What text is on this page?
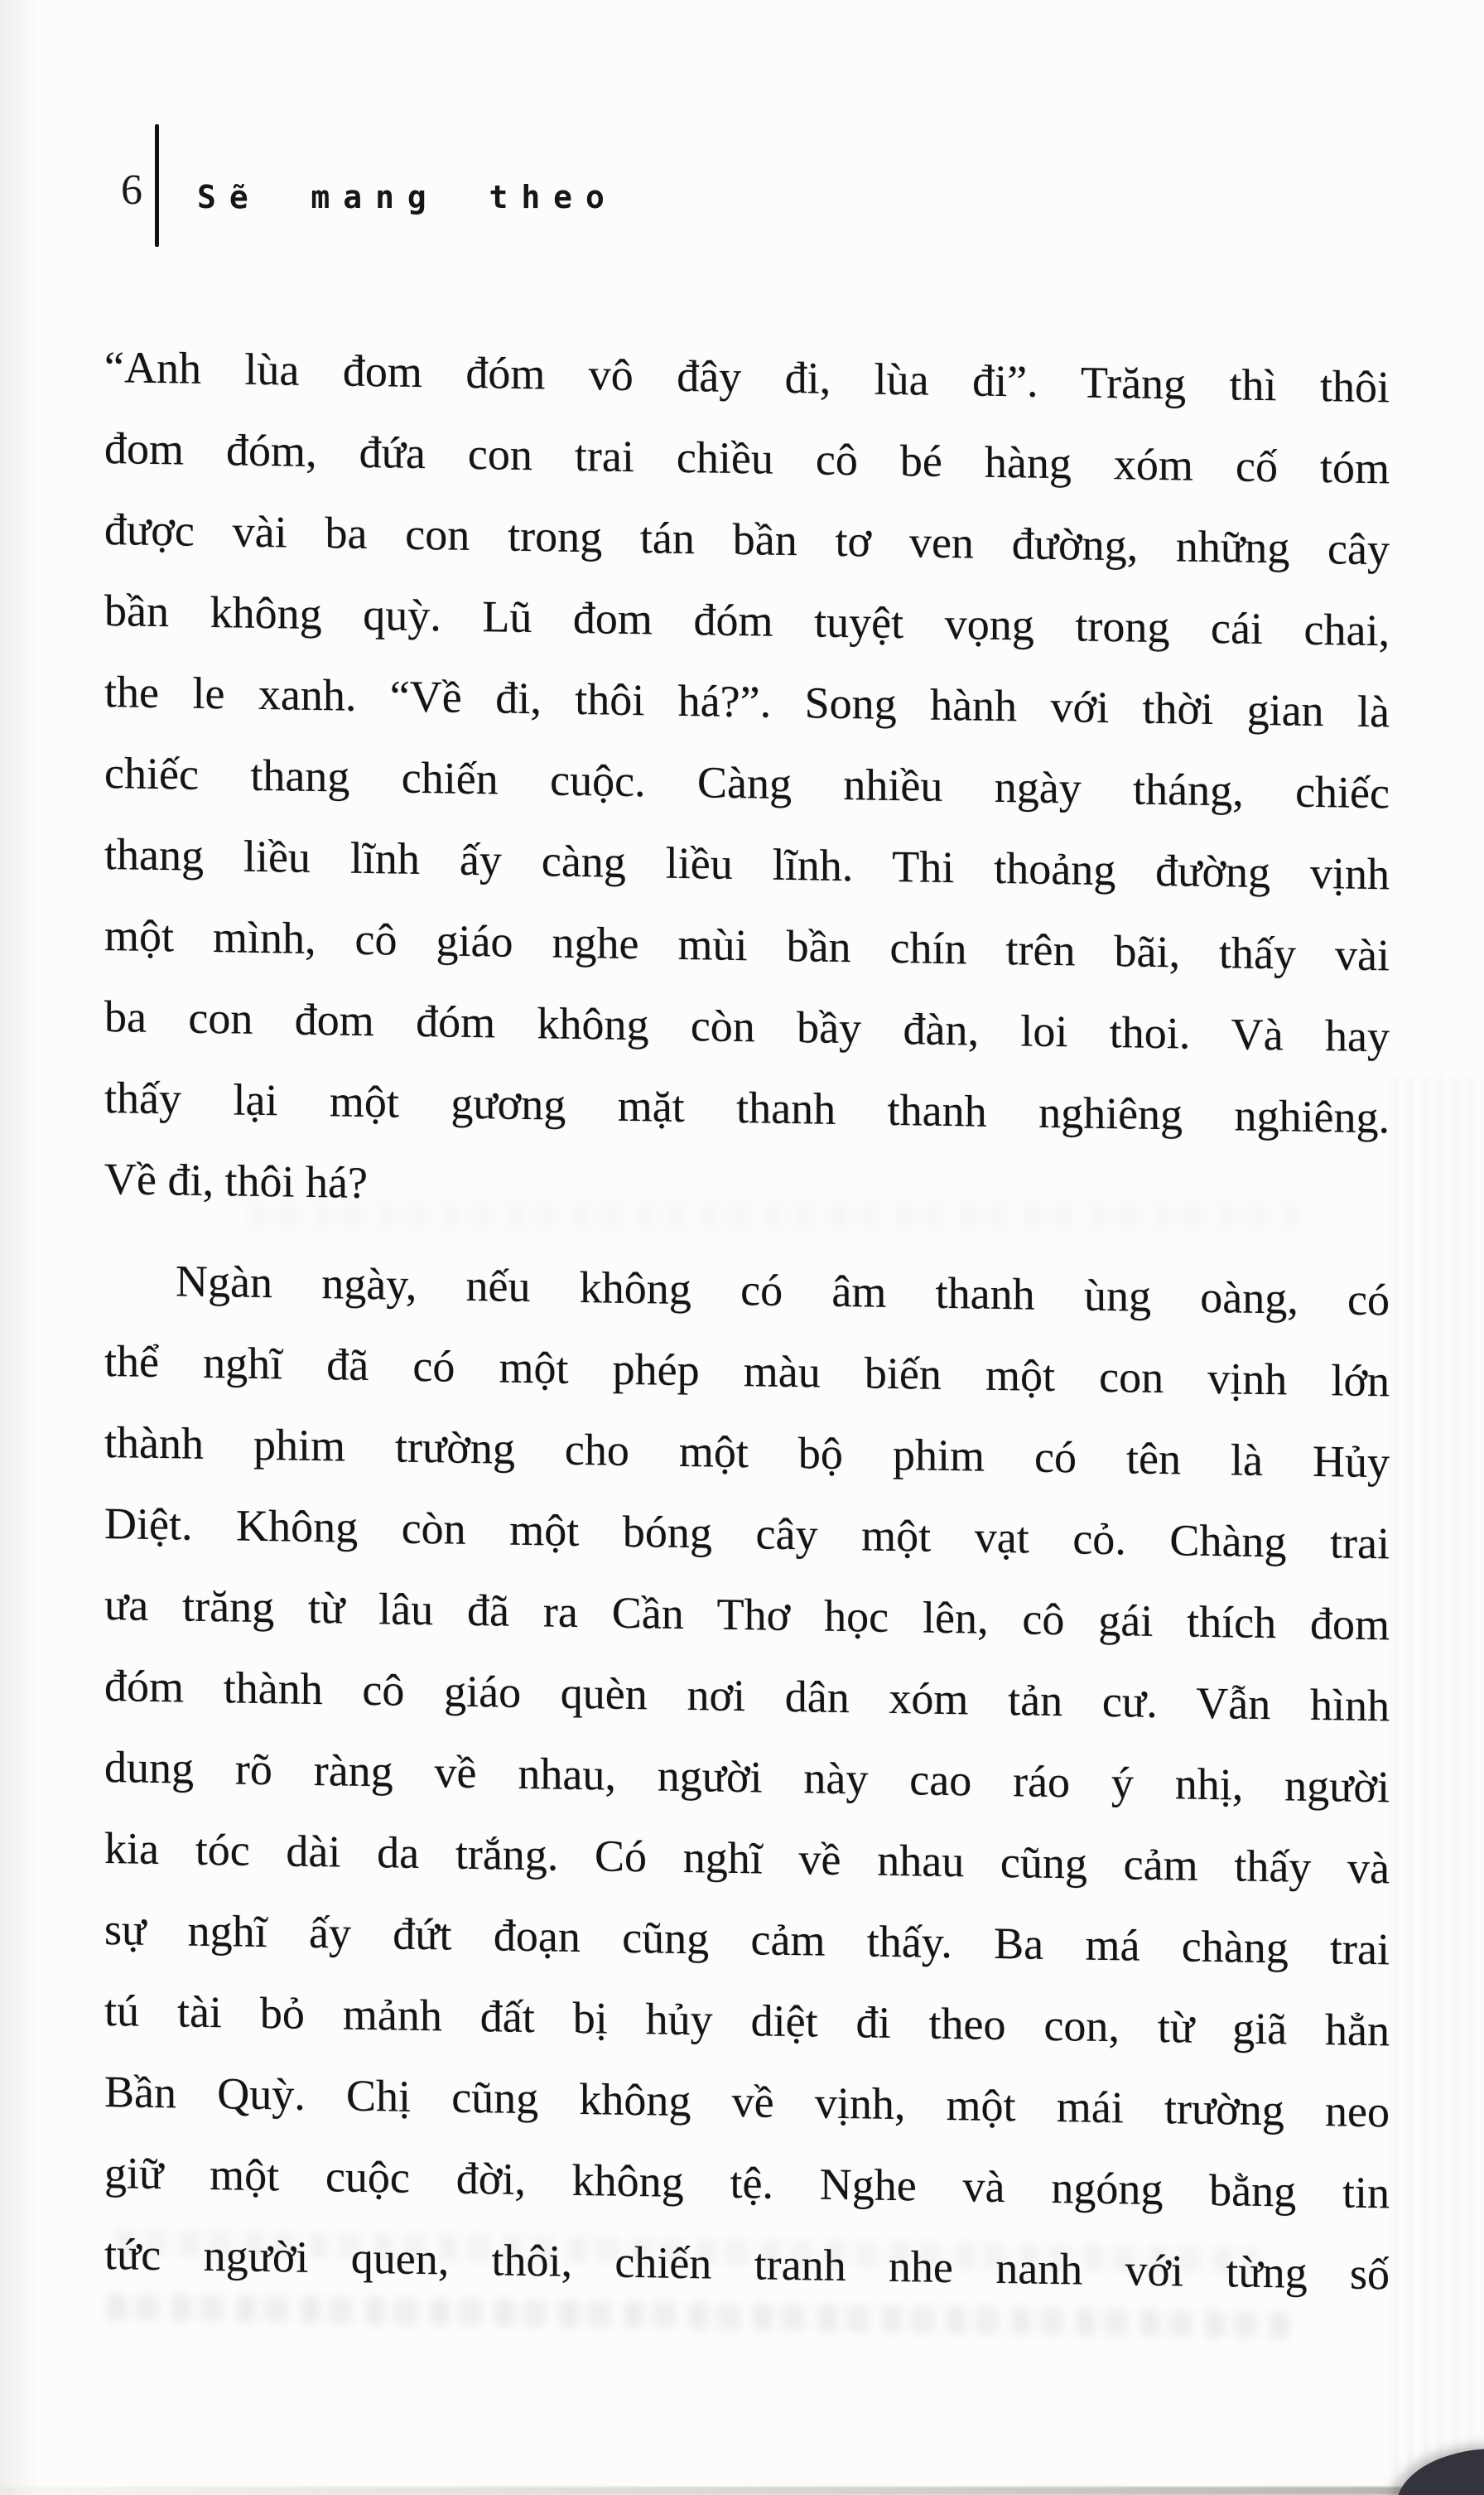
6 Sẽ mang theo
“Anh lùa đom đóm vô đây đi, lùa đi”. Trăng thì thôi
đom đóm, đứa con trai chiều cô bé hàng xóm cố tóm
được vài ba con trong tán bần tơ ven đường, những cây
bần không quỳ. Lũ đom đóm tuyệt vọng trong cái chai,
the le xanh. “Về đi, thôi há?”. Song hành với thời gian là
chiếc thang chiến cuộc. Càng nhiều ngày tháng, chiếc
thang liều lĩnh ấy càng liều lĩnh. Thi thoảng đường vịnh
một mình, cô giáo nghe mùi bần chín trên bãi, thấy vài
ba con đom đóm không còn bầy đàn, loi thoi. Và hay
thấy lại một gương mặt thanh thanh nghiêng nghiêng.
Về đi, thôi há?
Ngàn ngày, nếu không có âm thanh ùng oàng, có
thể nghĩ đã có một phép màu biến một con vịnh lớn
thành phim trường cho một bộ phim có tên là Hủy
Diệt. Không còn một bóng cây một vạt cỏ. Chàng trai
ưa trăng từ lâu đã ra Cần Thơ học lên, cô gái thích đom
đóm thành cô giáo quèn nơi dân xóm tản cư. Vẫn hình
dung rõ ràng về nhau, người này cao ráo ý nhị, người
kia tóc dài da trắng. Có nghĩ về nhau cũng cảm thấy và
sự nghĩ ấy đứt đoạn cũng cảm thấy. Ba má chàng trai
tú tài bỏ mảnh đất bị hủy diệt đi theo con, từ giã hẳn
Bần Quỳ. Chị cũng không về vịnh, một mái trường neo
giữ một cuộc đời, không tệ. Nghe và ngóng bằng tin
tức người quen, thôi, chiến tranh nhe nanh với từng số
